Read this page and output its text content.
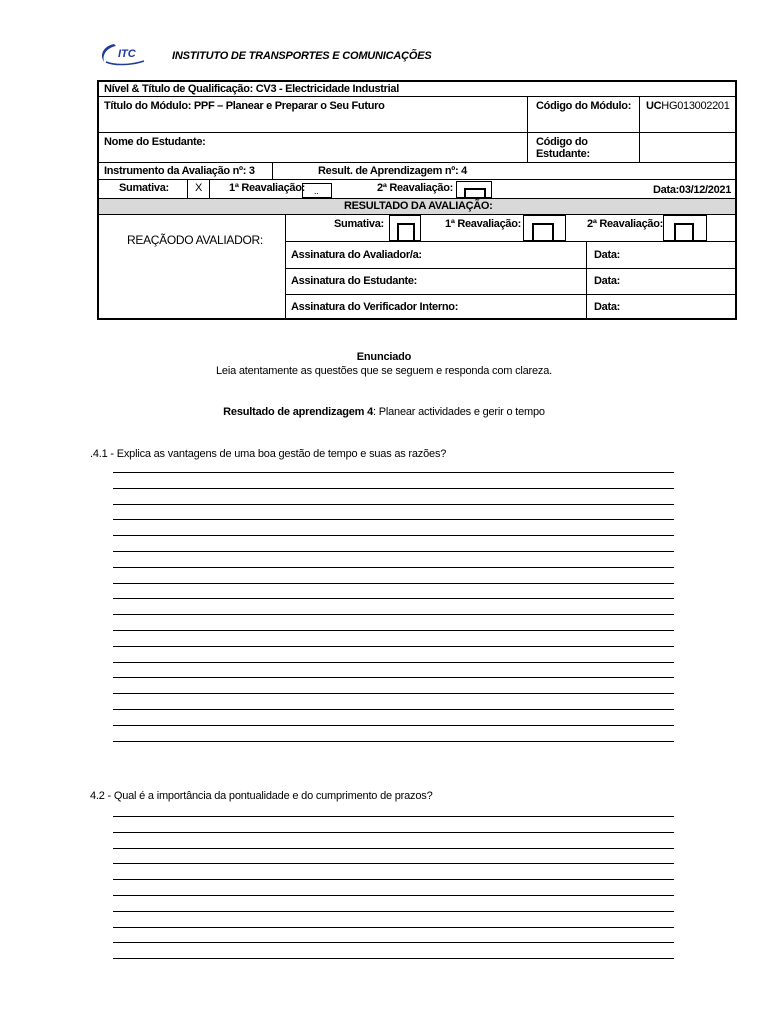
ITC	INSTITUTO DE TRANSPORTES E COMUNICAÇÕES
Nível & Título de Qualificação: CV3 - Electricidade Industrial
Título do Módulo: PPF – Planear e Preparar o Seu Futuro	Código do Módulo: UCHG013002201
Nome do Estudante:	Código do
Estudante:
Instrumento da Avaliação nº: 3	Result. de Aprendizagem nº: 4
Sumativa: X 1ª Reavaliação: ..	2ª Reavaliação:	Data:03/12/2021
RESULTADO DA AVALIAÇÃO:
REAÇÃODO AVALIADOR:
Sumativa:	1ª Reavaliação:	2ª Reavaliação:
Assinatura do Avaliador/a:	Data:
Assinatura do Estudante:	Data:
Assinatura do Verificador Interno:	Data:
Enunciado
Leia atentamente as questões que se seguem e responda com clareza.
Resultado de aprendizagem 4: Planear actividades e gerir o tempo
.4.1 - Explica as vantagens de uma boa gestão de tempo e suas as razões?
4.2 - Qual é a importância da pontualidade e do cumprimento de prazos?
